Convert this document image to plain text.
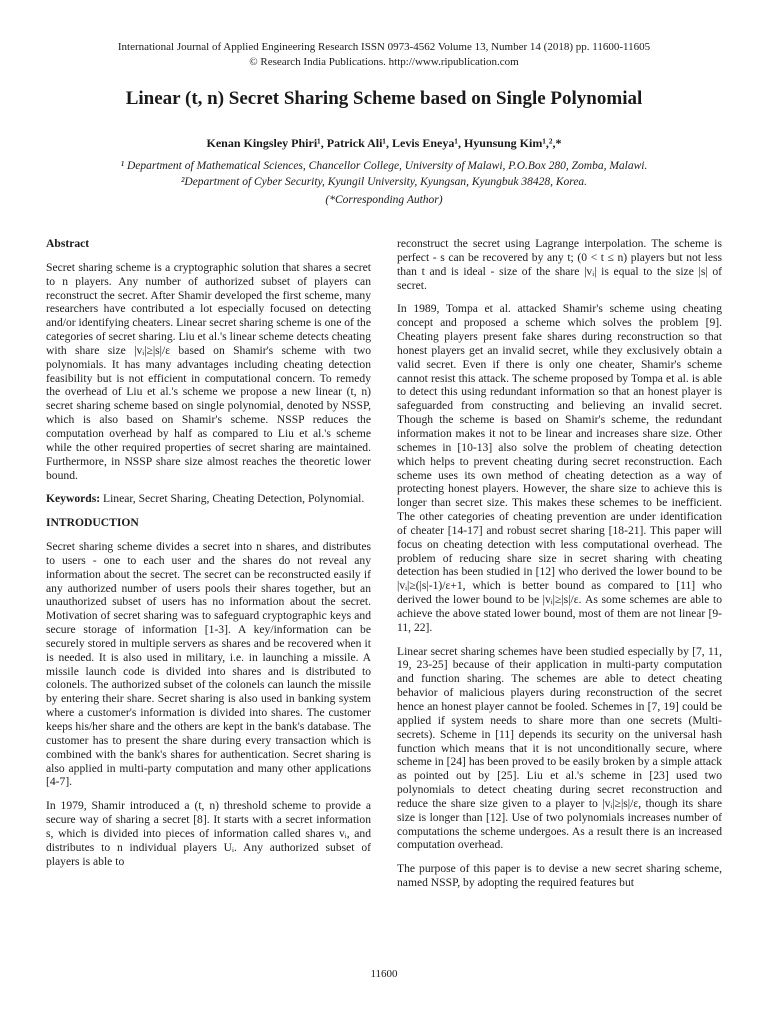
International Journal of Applied Engineering Research ISSN 0973-4562 Volume 13, Number 14 (2018) pp. 11600-11605
© Research India Publications. http://www.ripublication.com
Linear (t, n) Secret Sharing Scheme based on Single Polynomial
Kenan Kingsley Phiri¹, Patrick Ali¹, Levis Eneya¹, Hyunsung Kim¹,²,*
¹ Department of Mathematical Sciences, Chancellor College, University of Malawi, P.O.Box 280, Zomba, Malawi.
²Department of Cyber Security, Kyungil University, Kyungsan, Kyungbuk 38428, Korea.
(*Corresponding Author)
Abstract

Secret sharing scheme is a cryptographic solution that shares a secret to n players. Any number of authorized subset of players can reconstruct the secret. After Shamir developed the first scheme, many researchers have contributed a lot especially focused on detecting and/or identifying cheaters. Linear secret sharing scheme is one of the categories of secret sharing. Liu et al.'s linear scheme detects cheating with share size |vᵢ|≥|s|/ε based on Shamir's scheme with two polynomials. It has many advantages including cheating detection feasibility but is not efficient in computational concern. To remedy the overhead of Liu et al.'s scheme we propose a new linear (t, n) secret sharing scheme based on single polynomial, denoted by NSSP, which is also based on Shamir's scheme. NSSP reduces the computation overhead by half as compared to Liu et al.'s scheme while the other required properties of secret sharing are maintained. Furthermore, in NSSP share size almost reaches the theoretic lower bound.

Keywords: Linear, Secret Sharing, Cheating Detection, Polynomial.

INTRODUCTION

Secret sharing scheme divides a secret into n shares, and distributes to users - one to each user and the shares do not reveal any information about the secret. The secret can be reconstructed easily if any authorized number of users pools their shares together, but an unauthorized subset of users has no information about the secret. Motivation of secret sharing was to safeguard cryptographic keys and secure storage of information [1-3]. A key/information can be securely stored in multiple servers as shares and be recovered when it is needed. It is also used in military, i.e. in launching a missile. A missile launch code is divided into shares and is distributed to colonels. The authorized subset of the colonels can launch the missile by entering their share. Secret sharing is also used in banking system where a customer's information is divided into shares. The customer keeps his/her share and the others are kept in the bank's database. The customer has to present the share during every transaction which is combined with the bank's shares for authentication. Secret sharing is also applied in multi-party computation and many other applications [4-7].

In 1979, Shamir introduced a (t, n) threshold scheme to provide a secure way of sharing a secret [8]. It starts with a secret information s, which is divided into pieces of information called shares vᵢ, and distributes to n individual players Uᵢ. Any authorized subset of players is able to

reconstruct the secret using Lagrange interpolation. The scheme is perfect - s can be recovered by any t; (0 < t ≤ n) players but not less than t and is ideal - size of the share |vᵢ| is equal to the size |s| of secret.

In 1989, Tompa et al. attacked Shamir's scheme using cheating concept and proposed a scheme which solves the problem [9]. Cheating players present fake shares during reconstruction so that honest players get an invalid secret, while they exclusively obtain a valid secret. Even if there is only one cheater, Shamir's scheme cannot resist this attack. The scheme proposed by Tompa et al. is able to detect this using redundant information so that an honest player is safeguarded from constructing and believing an invalid secret. Though the scheme is based on Shamir's scheme, the redundant information makes it not to be linear and increases share size. Other schemes in [10-13] also solve the problem of cheating detection which helps to prevent cheating during secret reconstruction. Each scheme uses its own method of cheating detection as a way of protecting honest players. However, the share size to achieve this is longer than secret size. This makes these schemes to be inefficient. The other categories of cheating prevention are under identification of cheater [14-17] and robust secret sharing [18-21]. This paper will focus on cheating detection with less computational overhead. The problem of reducing share size in secret sharing with cheating detection has been studied in [12] who derived the lower bound to be |vᵢ|≥(|s|-1)/ε+1, which is better bound as compared to [11] who derived the lower bound to be |vᵢ|≥|s|/ε. As some schemes are able to achieve the above stated lower bound, most of them are not linear [9-11, 22].

Linear secret sharing schemes have been studied especially by [7, 11, 19, 23-25] because of their application in multi-party computation and function sharing. The schemes are able to detect cheating behavior of malicious players during reconstruction of the secret hence an honest player cannot be fooled. Schemes in [7, 19] could be applied if system needs to share more than one secrets (Multi-secrets). Scheme in [11] depends its security on the universal hash function which means that it is not unconditionally secure, where scheme in [24] has been proved to be easily broken by a simple attack as pointed out by [25]. Liu et al.'s scheme in [23] used two polynomials to detect cheating during secret reconstruction and reduce the share size given to a player to |vᵢ|≥|s|/ε, though its share size is longer than [12]. Use of two polynomials increases number of computations the scheme undergoes. As a result there is an increased computation overhead.

The purpose of this paper is to devise a new secret sharing scheme, named NSSP, by adopting the required features but

11600
